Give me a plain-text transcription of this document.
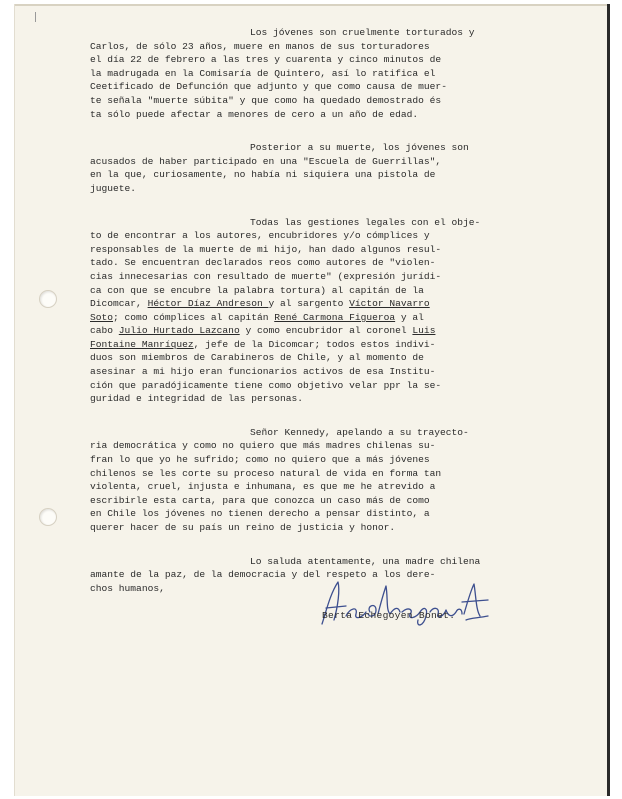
Los jóvenes son cruelmente torturados y
Carlos, de sólo 23 años, muere en manos de sus torturadores
el día 22 de febrero a las tres y cuarenta y cinco minutos de
la madrugada en la Comisaría de Quintero, así lo ratifica el
Ceetificado de Defunción que adjunto y que como causa de muer-
te señala "muerte súbita" y que como ha quedado demostrado és
ta sólo puede afectar a menores de cero a un año de edad.

Posterior a su muerte, los jóvenes son
acusados de haber participado en una "Escuela de Guerrillas",
en la que, curiosamente, no había ni siquiera una pistola de
juguete.

Todas las gestiones legales con el obje-
to de encontrar a los autores, encubridores y/o cómplices y
responsables de la muerte de mi hijo, han dado algunos resul-
tado. Se encuentran declarados reos como autores de "violen-
cias innecesarias con resultado de muerte" (expresión jurídi-
ca con que se encubre la palabra tortura) al capitán de la
Dicomcar, Héctor Díaz Andreson y al sargento Víctor Navarro
Soto; como cómplices al capitán René Carmona Figueroa y al
cabo Julio Hurtado Lazcano y como encubridor al coronel Luis
Fontaine Manríquez, jefe de la Dicomcar; todos estos indivi-
duos son miembros de Carabineros de Chile, y al momento de
asesinar a mi hijo eran funcionarios activos de esa Institu-
ción que paradójicamente tiene como objetivo velar ppr la se-
guridad e integridad de las personas.

Señor Kennedy, apelando a su trayecto-
ria democrática y como no quiero que más madres chilenas su-
fran lo que yo he sufrido; como no quiero que a más jóvenes
chilenos se les corte su proceso natural de vida en forma tan
violenta, cruel, injusta e inhumana, es que me he atrevido a
escribirle esta carta, para que conozca un caso más de como
en Chile los jóvenes no tienen derecho a pensar distinto, a
querer hacer de su país un reino de justicia y honor.

Lo saluda atentamente, una madre chilena
amante de la paz, de la democracia y del respeto a los dere-
chos humanos,

Berta Echegoyen Bonet.
